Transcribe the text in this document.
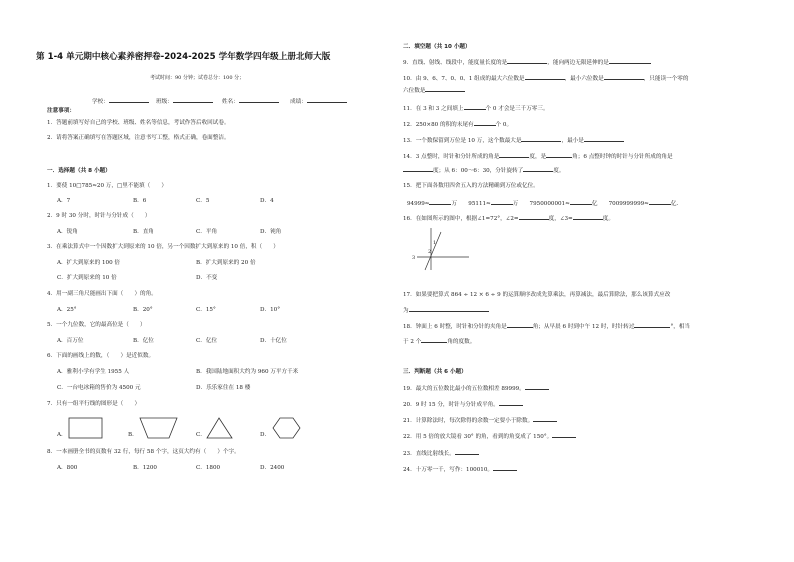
第 1-4 单元期中核心素养密押卷-2024-2025 学年数学四年级上册北师大版
考试时间：90 分钟；试卷总分：100 分；
学校：	班级：	姓名：	成绩：
注意事项：
1．答题前填写好自己的学校、班级、姓名等信息，考试作答后收回试卷。
2．请将答案正确填写在答题区域，注意书写工整，格式正确，卷面整洁。
一．选择题（共 8 小题）
1．要使 10□785≈20 万，□里不能填（　　）
A．7	B．6	C．5	D．4
2．9 时 30 分时，时针与分针成（　　）
A．锐角	B．直角	C．平角	D．钝角
3．在乘法算式中一个因数扩大到原来的 10 倍，另一个因数扩大到原来的 10 倍，积（　　）
A．扩大到原来的 100 倍	B．扩大到原来的 20 倍
C．扩大到原来的 10 倍	D．不变
4．用一副三角尺能画出下面（　　）的角。
A．25°	B．20°	C．15°	D．10°
5．一个九位数，它的最高位是（　　）
A．百万位	B．亿位	C．亿位	D．十亿位
6．下面的画线上的数，（　　）是近似数。
A．雅利小学有学生 1955 人	B．我国陆地面积大约为 960 万平方千米
C．一台电冰箱的售价为 4500 元	D．乐乐家住在 18 楼
7．只有一组平行线的图形是（　　）
A．	B．	C．	D．
8．一本画册全书的页数有 32 行，每行 58 个字，这页大约有（　　）个字。
A．800	B．1200	C．1800	D．2400
二．填空题（共 10 小题）
9．直线、射线、线段中，能度量长度的是	，能向两边无限延伸的是
10．由 9、6、7、0、0、1 组成的最大六位数是	，最小六位数是	，只能读一个零的
六位数是
11．在 3 和 3 之间填上	个 0 才会是三千万零三。
12．250×80 的积的末尾有	个 0。
13．一个数保留到万位是 10 万，这个数最大是	，最小是
14．3 点整时，时针和分针所成的角是	度，是	角；6 点整时钟的时针与分针所成的角是
度；从 6：00～6：30，分针旋转了	度。
15．把下面各数用四舍五入的方法精确到万位或亿位。
94999≈	万　　95111≈	万　　7950000001≈	亿　　7009999999≈	亿.
16．在如图所示的图中，根据∠1=72°，∠2=	度，∠3=	度。
1
2
3
17．如果要把算式 864 ÷ 12 × 6 ÷ 9 的运算顺序改成先算乘法，再算减法，最后算除法，那么该算式应改
为
18．钟面上 6 时整，时针和分针的夹角是	角；从早晨 6 时到中午 12 时，时针转过	°，相当
于 2 个	角的度数。
三．判断题（共 6 小题）
19．最大的五位数比最小的五位数相差 89999。
20．9 时 15 分，时针与分针成平角。
21．计算除法时，每次除得的余数一定要小于除数。
22．用 5 倍的放大镜看 30° 的角，看到的角变成了 150°。
23．直线比射线长。
24．十万零一千，写作：100010。
